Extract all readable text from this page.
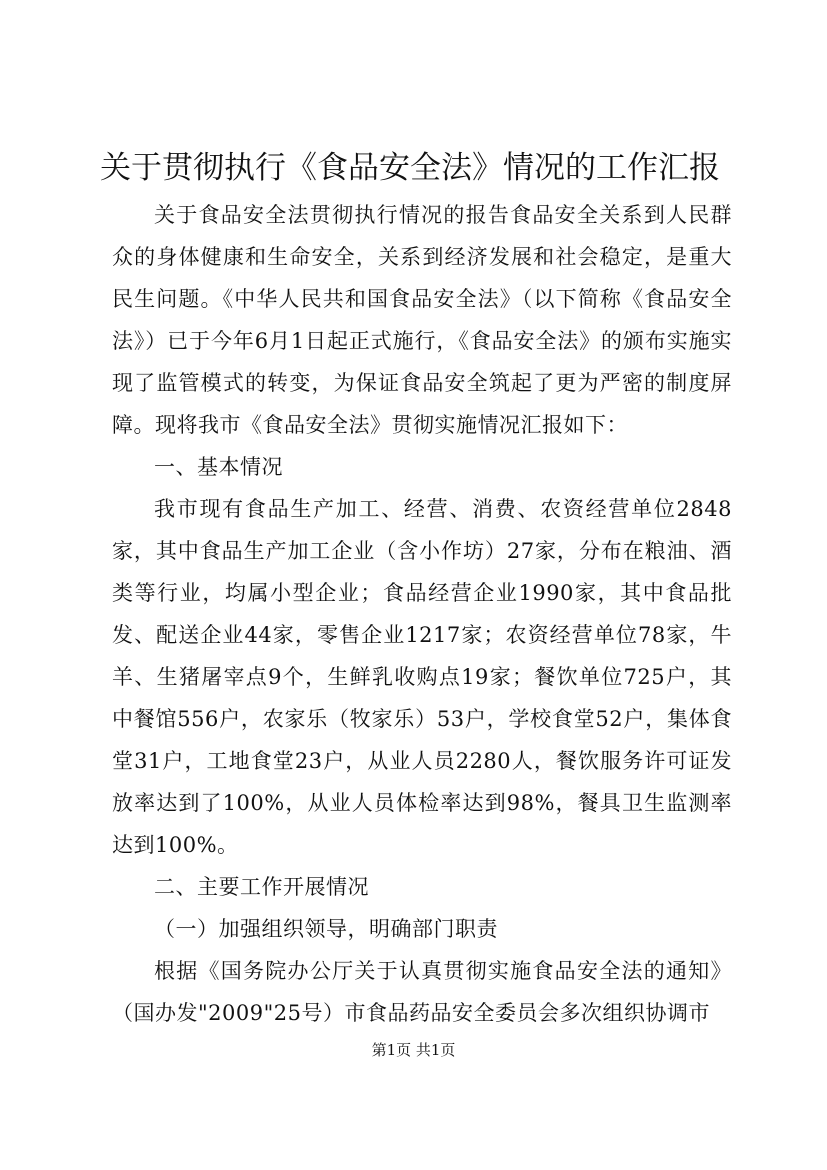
关于贯彻执行《食品安全法》情况的工作汇报

关于食品安全法贯彻执行情况的报告食品安全关系到人民群众的身体健康和生命安全，关系到经济发展和社会稳定，是重大民生问题。《中华人民共和国食品安全法》（以下简称《食品安全法》）已于今年6月1日起正式施行，《食品安全法》的颁布实施实现了监管模式的转变，为保证食品安全筑起了更为严密的制度屏障。现将我市《食品安全法》贯彻实施情况汇报如下：

一、基本情况

我市现有食品生产加工、经营、消费、农资经营单位2848家，其中食品生产加工企业（含小作坊）27家，分布在粮油、酒类等行业，均属小型企业；食品经营企业1990家，其中食品批发、配送企业44家，零售企业1217家；农资经营单位78家，牛羊、生猪屠宰点9个，生鲜乳收购点19家；餐饮单位725户，其中餐馆556户，农家乐（牧家乐）53户，学校食堂52户，集体食堂31户，工地食堂23户，从业人员2280人，餐饮服务许可证发放率达到了100%，从业人员体检率达到98%，餐具卫生监测率达到100%。

二、主要工作开展情况

（一）加强组织领导，明确部门职责

根据《国务院办公厅关于认真贯彻实施食品安全法的通知》（国办发"2009"25号）市食品药品安全委员会多次组织协调市

第1页 共1页
